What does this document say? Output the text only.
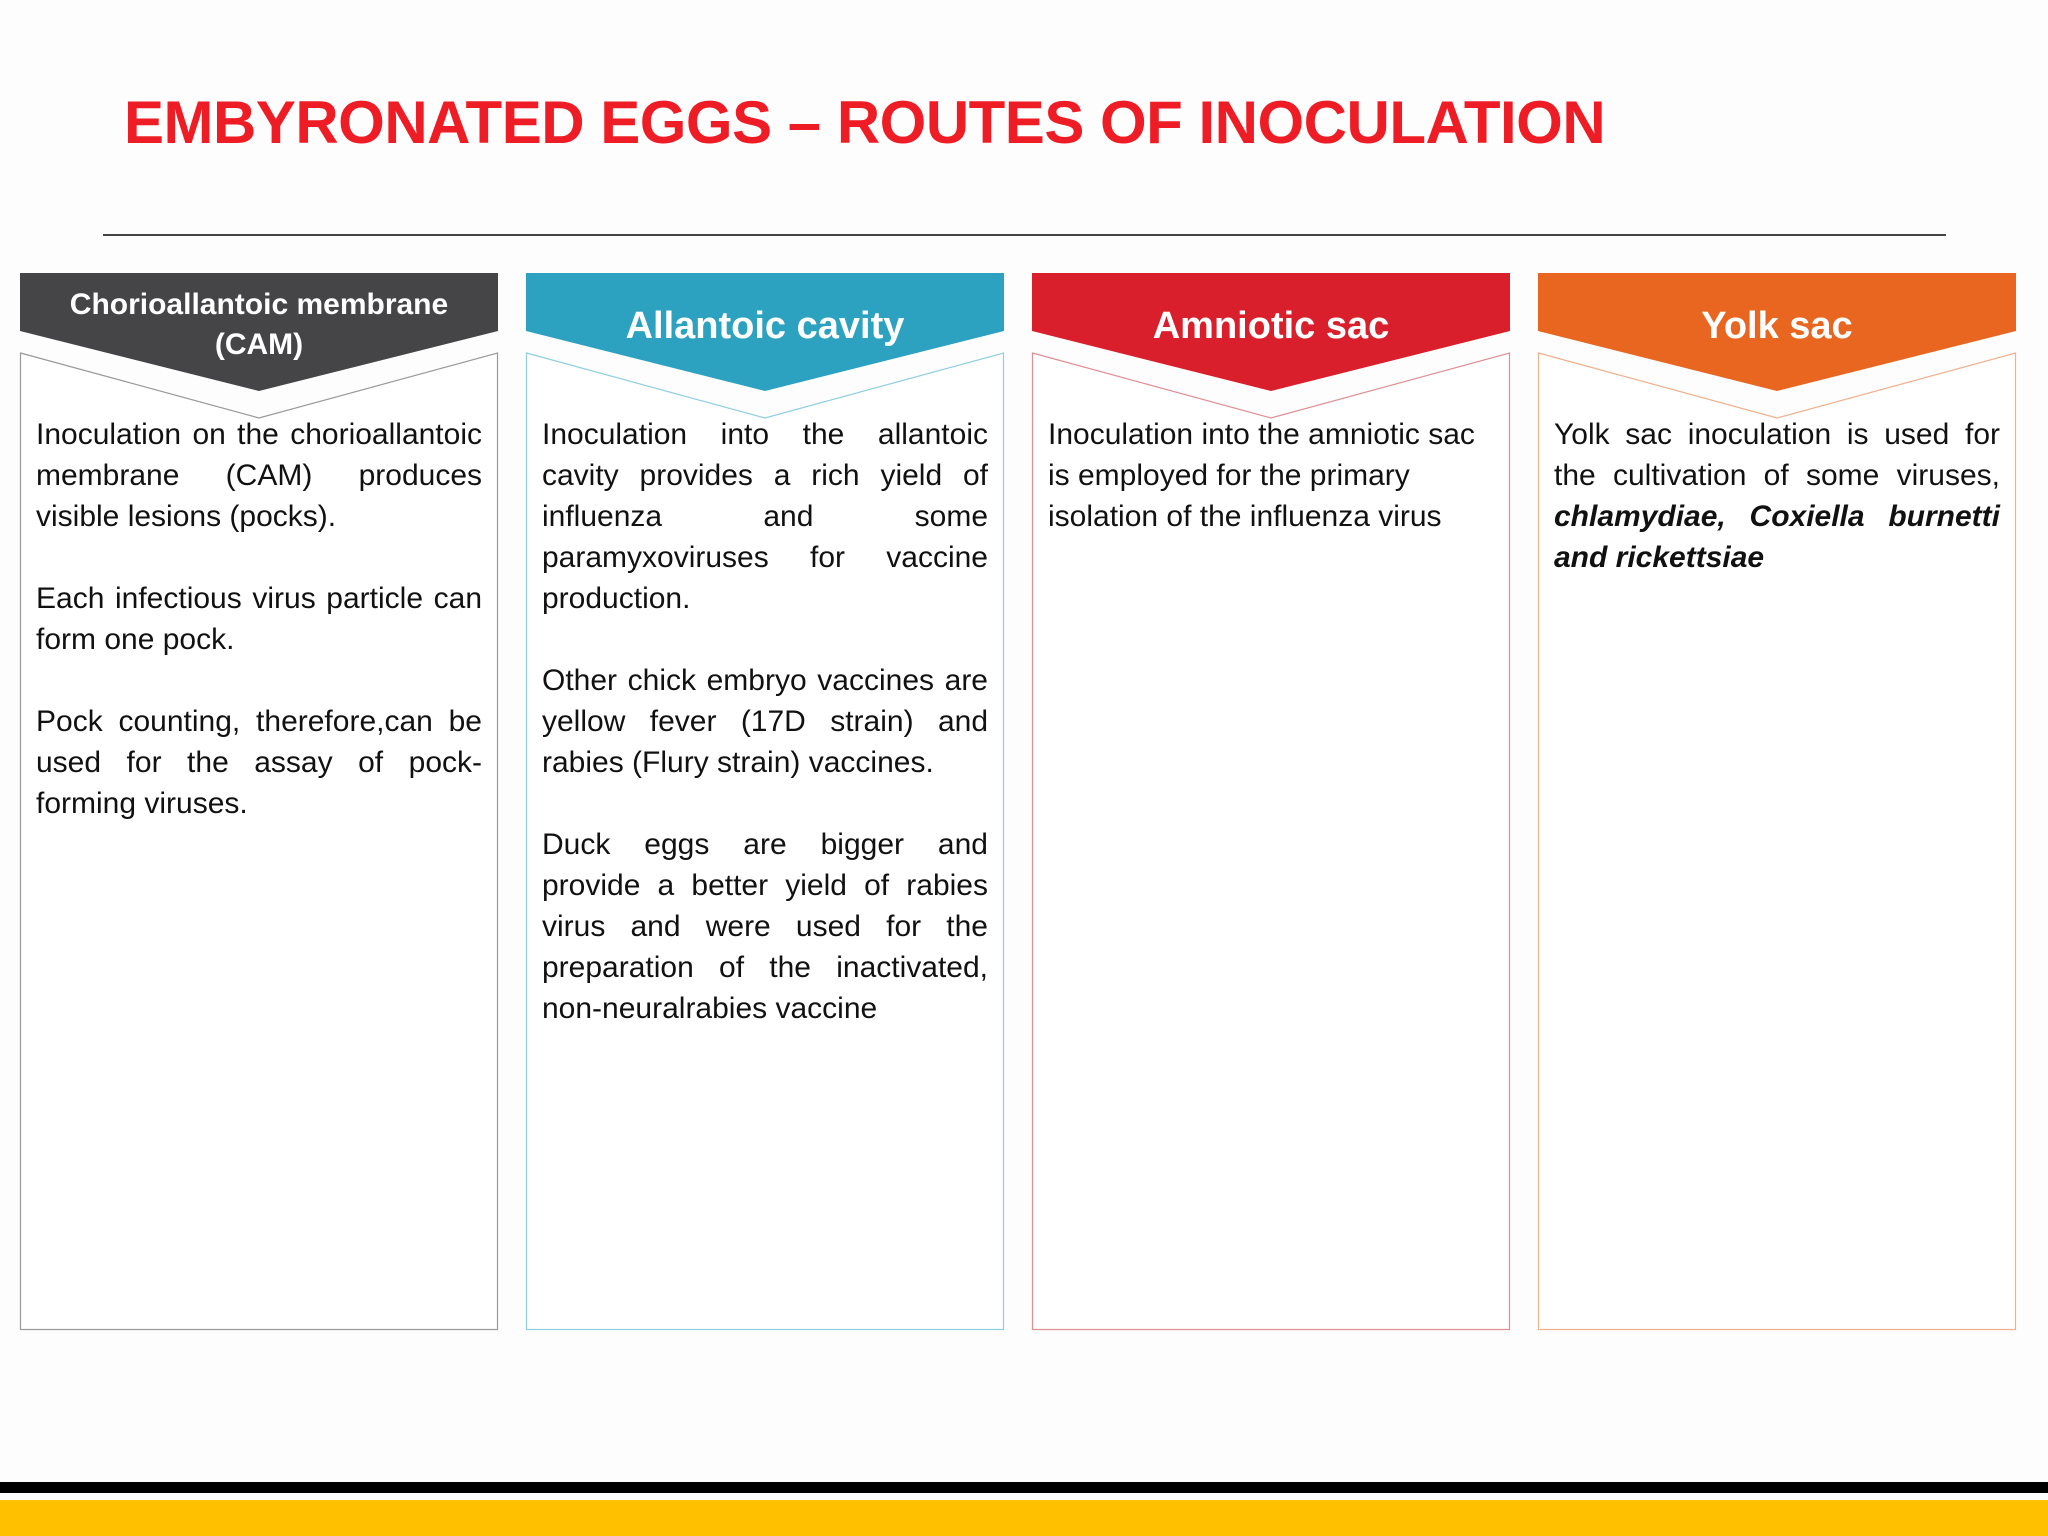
EMBYRONATED EGGS – ROUTES OF INOCULATION
Chorioallantoic membrane (CAM)

Inoculation on the chorioallantoic membrane (CAM) produces visible lesions (pocks).

Each infectious virus particle can form one pock.

Pock counting, therefore,can be used for the assay of pock-forming viruses.

Allantoic cavity

Inoculation into the allantoic cavity provides a rich yield of influenza and some paramyxoviruses for vaccine production.

Other chick embryo vaccines are yellow fever (17D strain) and rabies (Flury strain) vaccines.

Duck eggs are bigger and provide a better yield of rabies virus and were used for the preparation of the inactivated, non-neuralrabies vaccine

Amniotic sac

Inoculation into the amniotic sac is employed for the primary isolation of the influenza virus

Yolk sac

Yolk sac inoculation is used for the cultivation of some viruses, chlamydiae, Coxiella burnetti and rickettsiae
